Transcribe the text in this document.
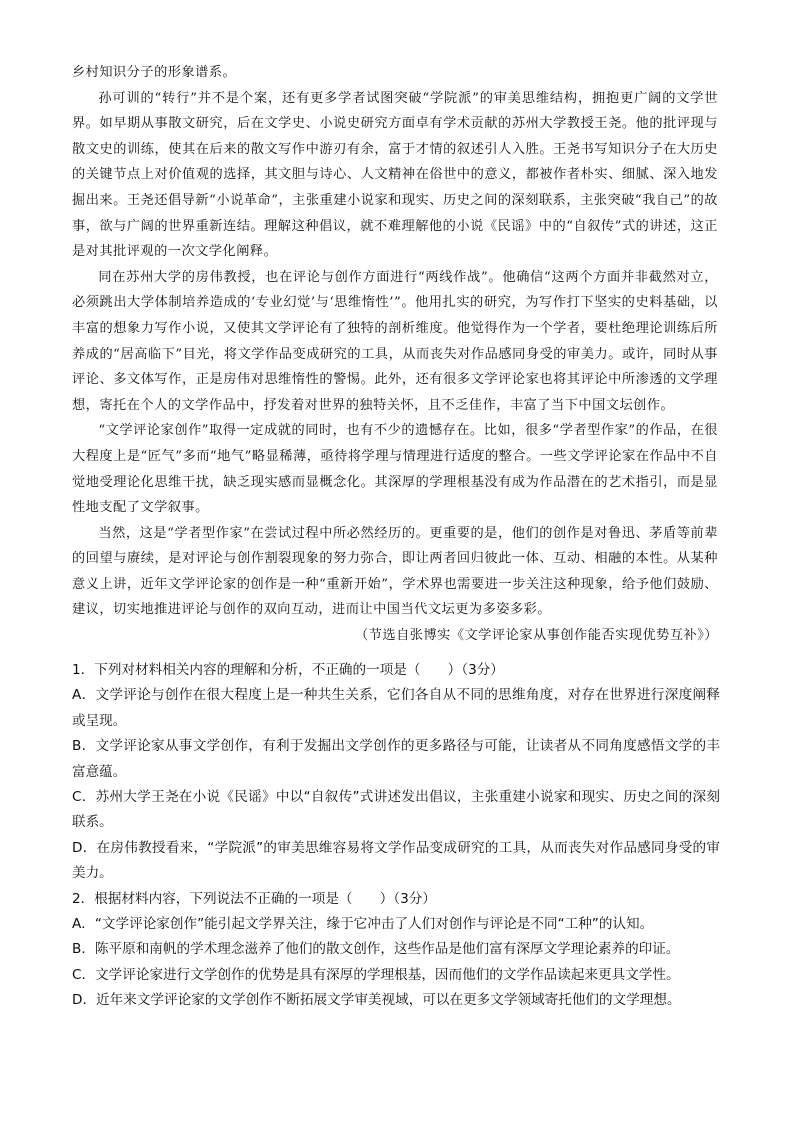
乡村知识分子的形象谱系。

孙可训的“转行”并不是个案，还有更多学者试图突破“学院派”的审美思维结构，拥抱更广阔的文学世界。如早期从事散文研究，后在文学史、小说史研究方面卓有学术贡献的苏州大学教授王尧。他的批评现与散文史的训练，使其在后来的散文写作中游刃有余，富于才情的叙述引人入胜。王尧书写知识分子在大历史的关键节点上对价值观的选择，其文胆与诗心、人文精神在俗世中的意义，都被作者朴实、细腻、深入地发掘出来。王尧还倡导新“小说革命”，主张重建小说家和现实、历史之间的深刻联系，主张突破“我自己”的故事，欲与广阔的世界重新连结。理解这种倡议，就不难理解他的小说《民谣》中的“自叙传”式的讲述，这正是对其批评观的一次文学化阐释。

同在苏州大学的房伟教授，也在评论与创作方面进行“两线作战”。他确信“这两个方面并非截然对立，必须跳出大学体制培养造成的‘专业幻觉’与‘思维惰性’”。他用扎实的研究，为写作打下坚实的史料基础，以丰富的想象力写作小说，又使其文学评论有了独特的剖析维度。他觉得作为一个学者，要杜绝理论训练后所养成的“居高临下”目光，将文学作品变成研究的工具，从而丧失对作品感同身受的审美力。或许，同时从事评论、多文体写作，正是房伟对思维惰性的警惕。此外，还有很多文学评论家也将其评论中所渗透的文学理想，寄托在个人的文学作品中，抒发着对世界的独特关怀，且不乏佳作，丰富了当下中国文坛创作。

“文学评论家创作”取得一定成就的同时，也有不少的遗憾存在。比如，很多“学者型作家”的作品，在很大程度上是“匠气”多而“地气”略显稀薄，亟待将学理与情理进行适度的整合。一些文学评论家在作品中不自觉地受理论化思维干扰，缺乏现实感而显概念化。其深厚的学理根基没有成为作品潜在的艺术指引，而是显性地支配了文学叙事。

当然，这是“学者型作家”在尝试过程中所必然经历的。更重要的是，他们的创作是对鲁迅、茅盾等前辈的回望与赓续，是对评论与创作割裂现象的努力弥合，即让两者回归彼此一体、互动、相融的本性。从某种意义上讲，近年文学评论家的创作是一种“重新开始”，学术界也需要进一步关注这种现象，给予他们鼓励、建议，切实地推进评论与创作的双向互动，进而让中国当代文坛更为多姿多彩。

（节选自张博实《文学评论家从事创作能否实现优势互补》）

1．下列对材料相关内容的理解和分析，不正确的一项是（　　）（3分）

A．文学评论与创作在很大程度上是一种共生关系，它们各自从不同的思维角度，对存在世界进行深度阐释或呈现。

B．文学评论家从事文学创作，有利于发掘出文学创作的更多路径与可能，让读者从不同角度感悟文学的丰富意蕴。

C．苏州大学王尧在小说《民谣》中以“自叙传”式讲述发出倡议，主张重建小说家和现实、历史之间的深刻联系。

D．在房伟教授看来，“学院派”的审美思维容易将文学作品变成研究的工具，从而丧失对作品感同身受的审美力。

2．根据材料内容，下列说法不正确的一项是（　　）（3分）

A．“文学评论家创作”能引起文学界关注，缘于它冲击了人们对创作与评论是不同“工种”的认知。

B．陈平原和南帆的学术理念滋养了他们的散文创作，这些作品是他们富有深厚文学理论素养的印证。

C．文学评论家进行文学创作的优势是具有深厚的学理根基，因而他们的文学作品读起来更具文学性。

D．近年来文学评论家的文学创作不断拓展文学审美视域，可以在更多文学领域寄托他们的文学理想。
